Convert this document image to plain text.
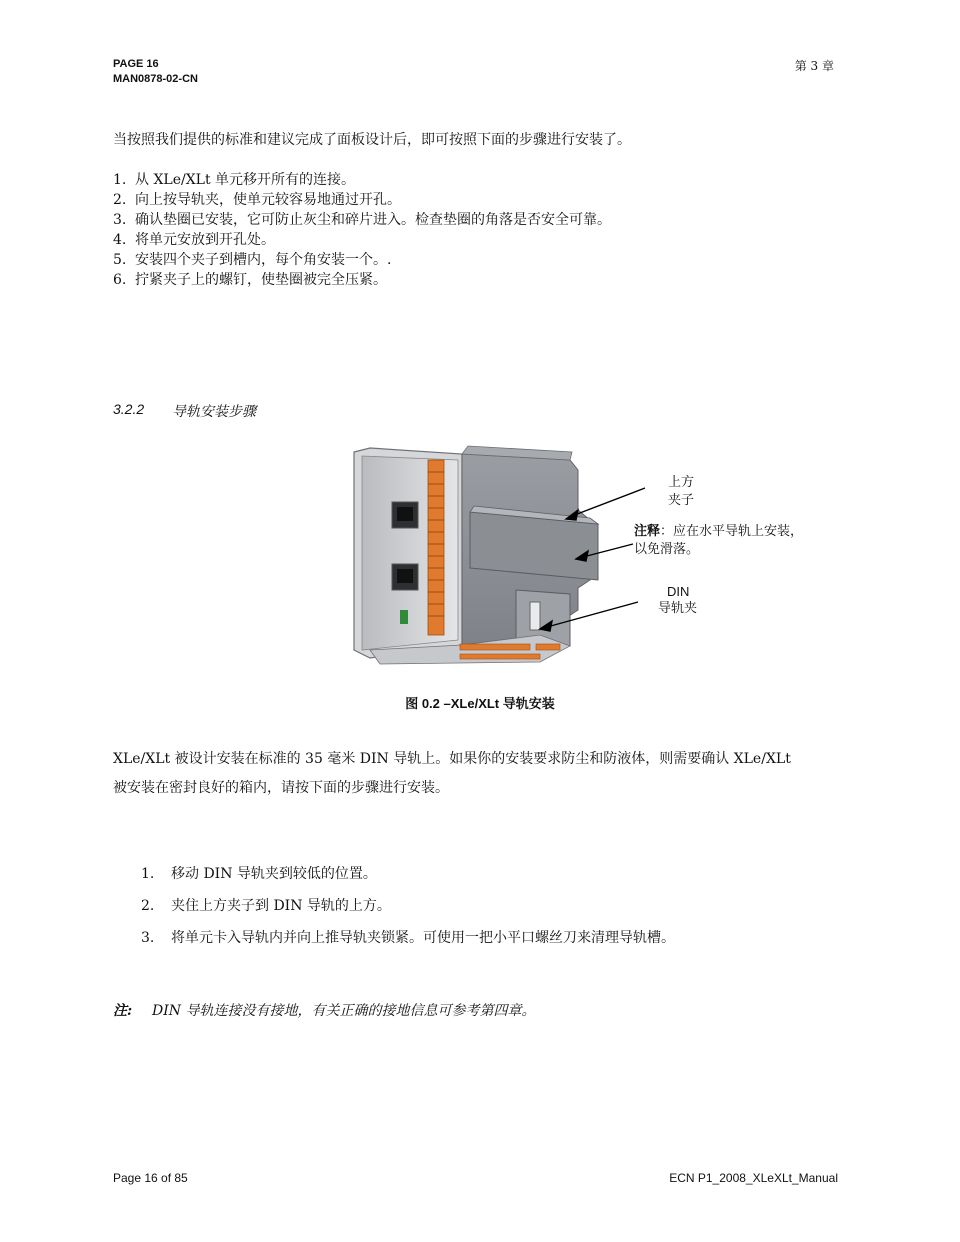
PAGE 16
MAN0878-02-CN
第 3 章
当按照我们提供的标准和建议完成了面板设计后，即可按照下面的步骤进行安装了。
1. 从 XLe/XLt 单元移开所有的连接。
2. 向上按导轨夹，使单元较容易地通过开孔。
3. 确认垫圈已安装，它可防止灰尘和碎片进入。检查垫圈的角落是否安全可靠。
4. 将单元安放到开孔处。
5. 安装四个夹子到槽内，每个角安装一个。.
6. 拧紧夹子上的螺钉，使垫圈被完全压紧。
3.2.2 导轨安装步骤
上方
夹子
注释：应在水平导轨上安装，
以免滑落。
DIN
导轨夹
图 0.2 –XLe/XLt 导轨安装
XLe/XLt 被设计安装在标准的 35 毫米 DIN 导轨上。如果你的安装要求防尘和防液体，则需要确认 XLe/XLt
被安装在密封良好的箱内，请按下面的步骤进行安装。
1. 移动 DIN 导轨夹到较低的位置。
2. 夹住上方夹子到 DIN 导轨的上方。
3. 将单元卡入导轨内并向上推导轨夹锁紧。可使用一把小平口螺丝刀来清理导轨槽。
注: DIN 导轨连接没有接地，有关正确的接地信息可参考第四章。
Page 16 of 85	ECN P1_2008_XLeXLt_Manual
